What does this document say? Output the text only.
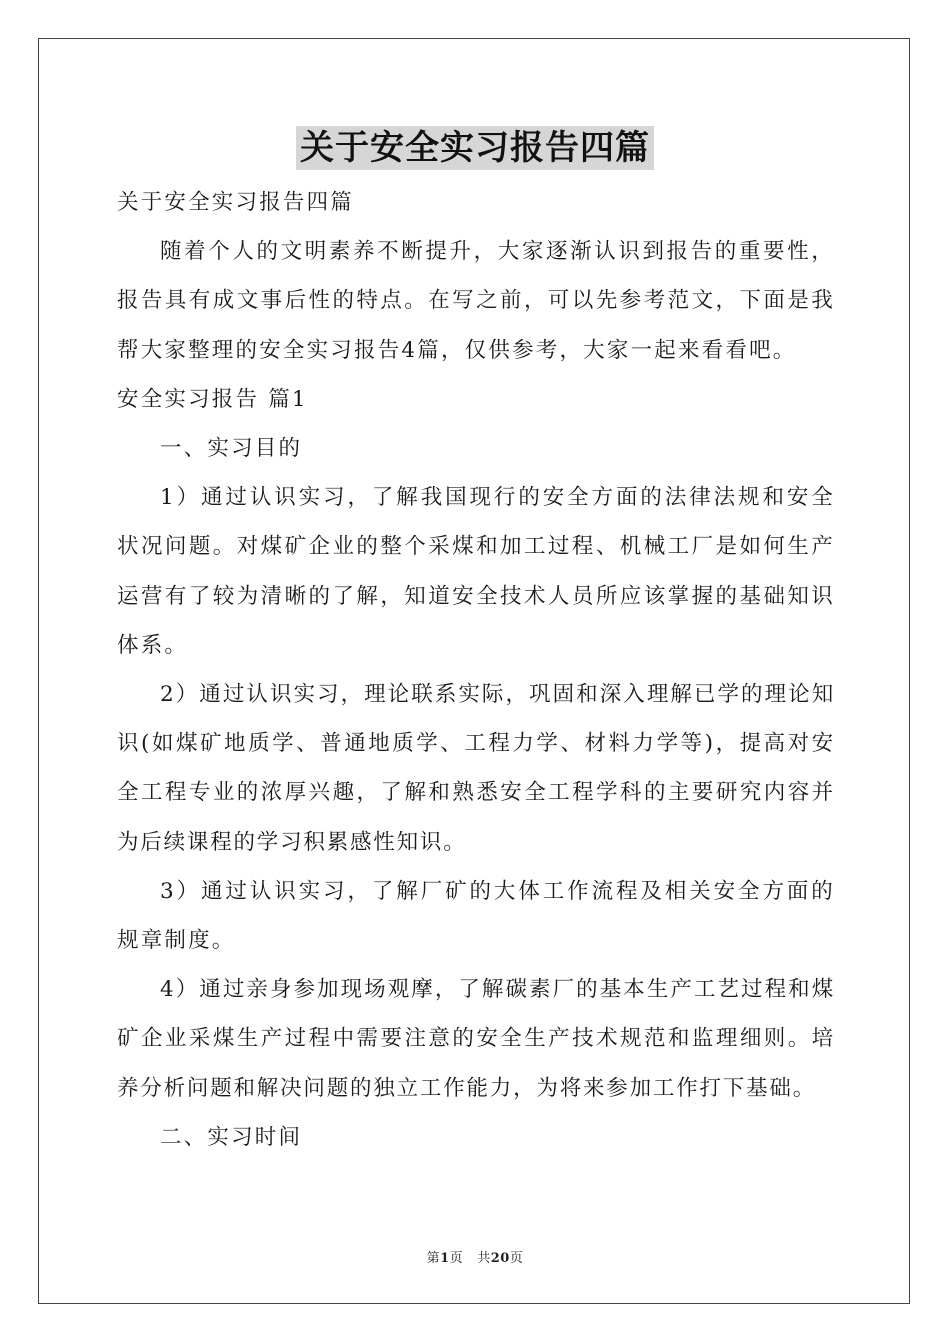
关于安全实习报告四篇

关于安全实习报告四篇

随着个人的文明素养不断提升，大家逐渐认识到报告的重要性，报告具有成文事后性的特点。在写之前，可以先参考范文，下面是我帮大家整理的安全实习报告4篇，仅供参考，大家一起来看看吧。

安全实习报告 篇1

一、实习目的

1）通过认识实习，了解我国现行的安全方面的法律法规和安全状况问题。对煤矿企业的整个采煤和加工过程、机械工厂是如何生产运营有了较为清晰的了解，知道安全技术人员所应该掌握的基础知识体系。

2）通过认识实习，理论联系实际，巩固和深入理解已学的理论知识(如煤矿地质学、普通地质学、工程力学、材料力学等)，提高对安全工程专业的浓厚兴趣，了解和熟悉安全工程学科的主要研究内容并为后续课程的学习积累感性知识。

3）通过认识实习，了解厂矿的大体工作流程及相关安全方面的规章制度。

4）通过亲身参加现场观摩，了解碳素厂的基本生产工艺过程和煤矿企业采煤生产过程中需要注意的安全生产技术规范和监理细则。培养分析问题和解决问题的独立工作能力，为将来参加工作打下基础。

二、实习时间

第1页 共20页
